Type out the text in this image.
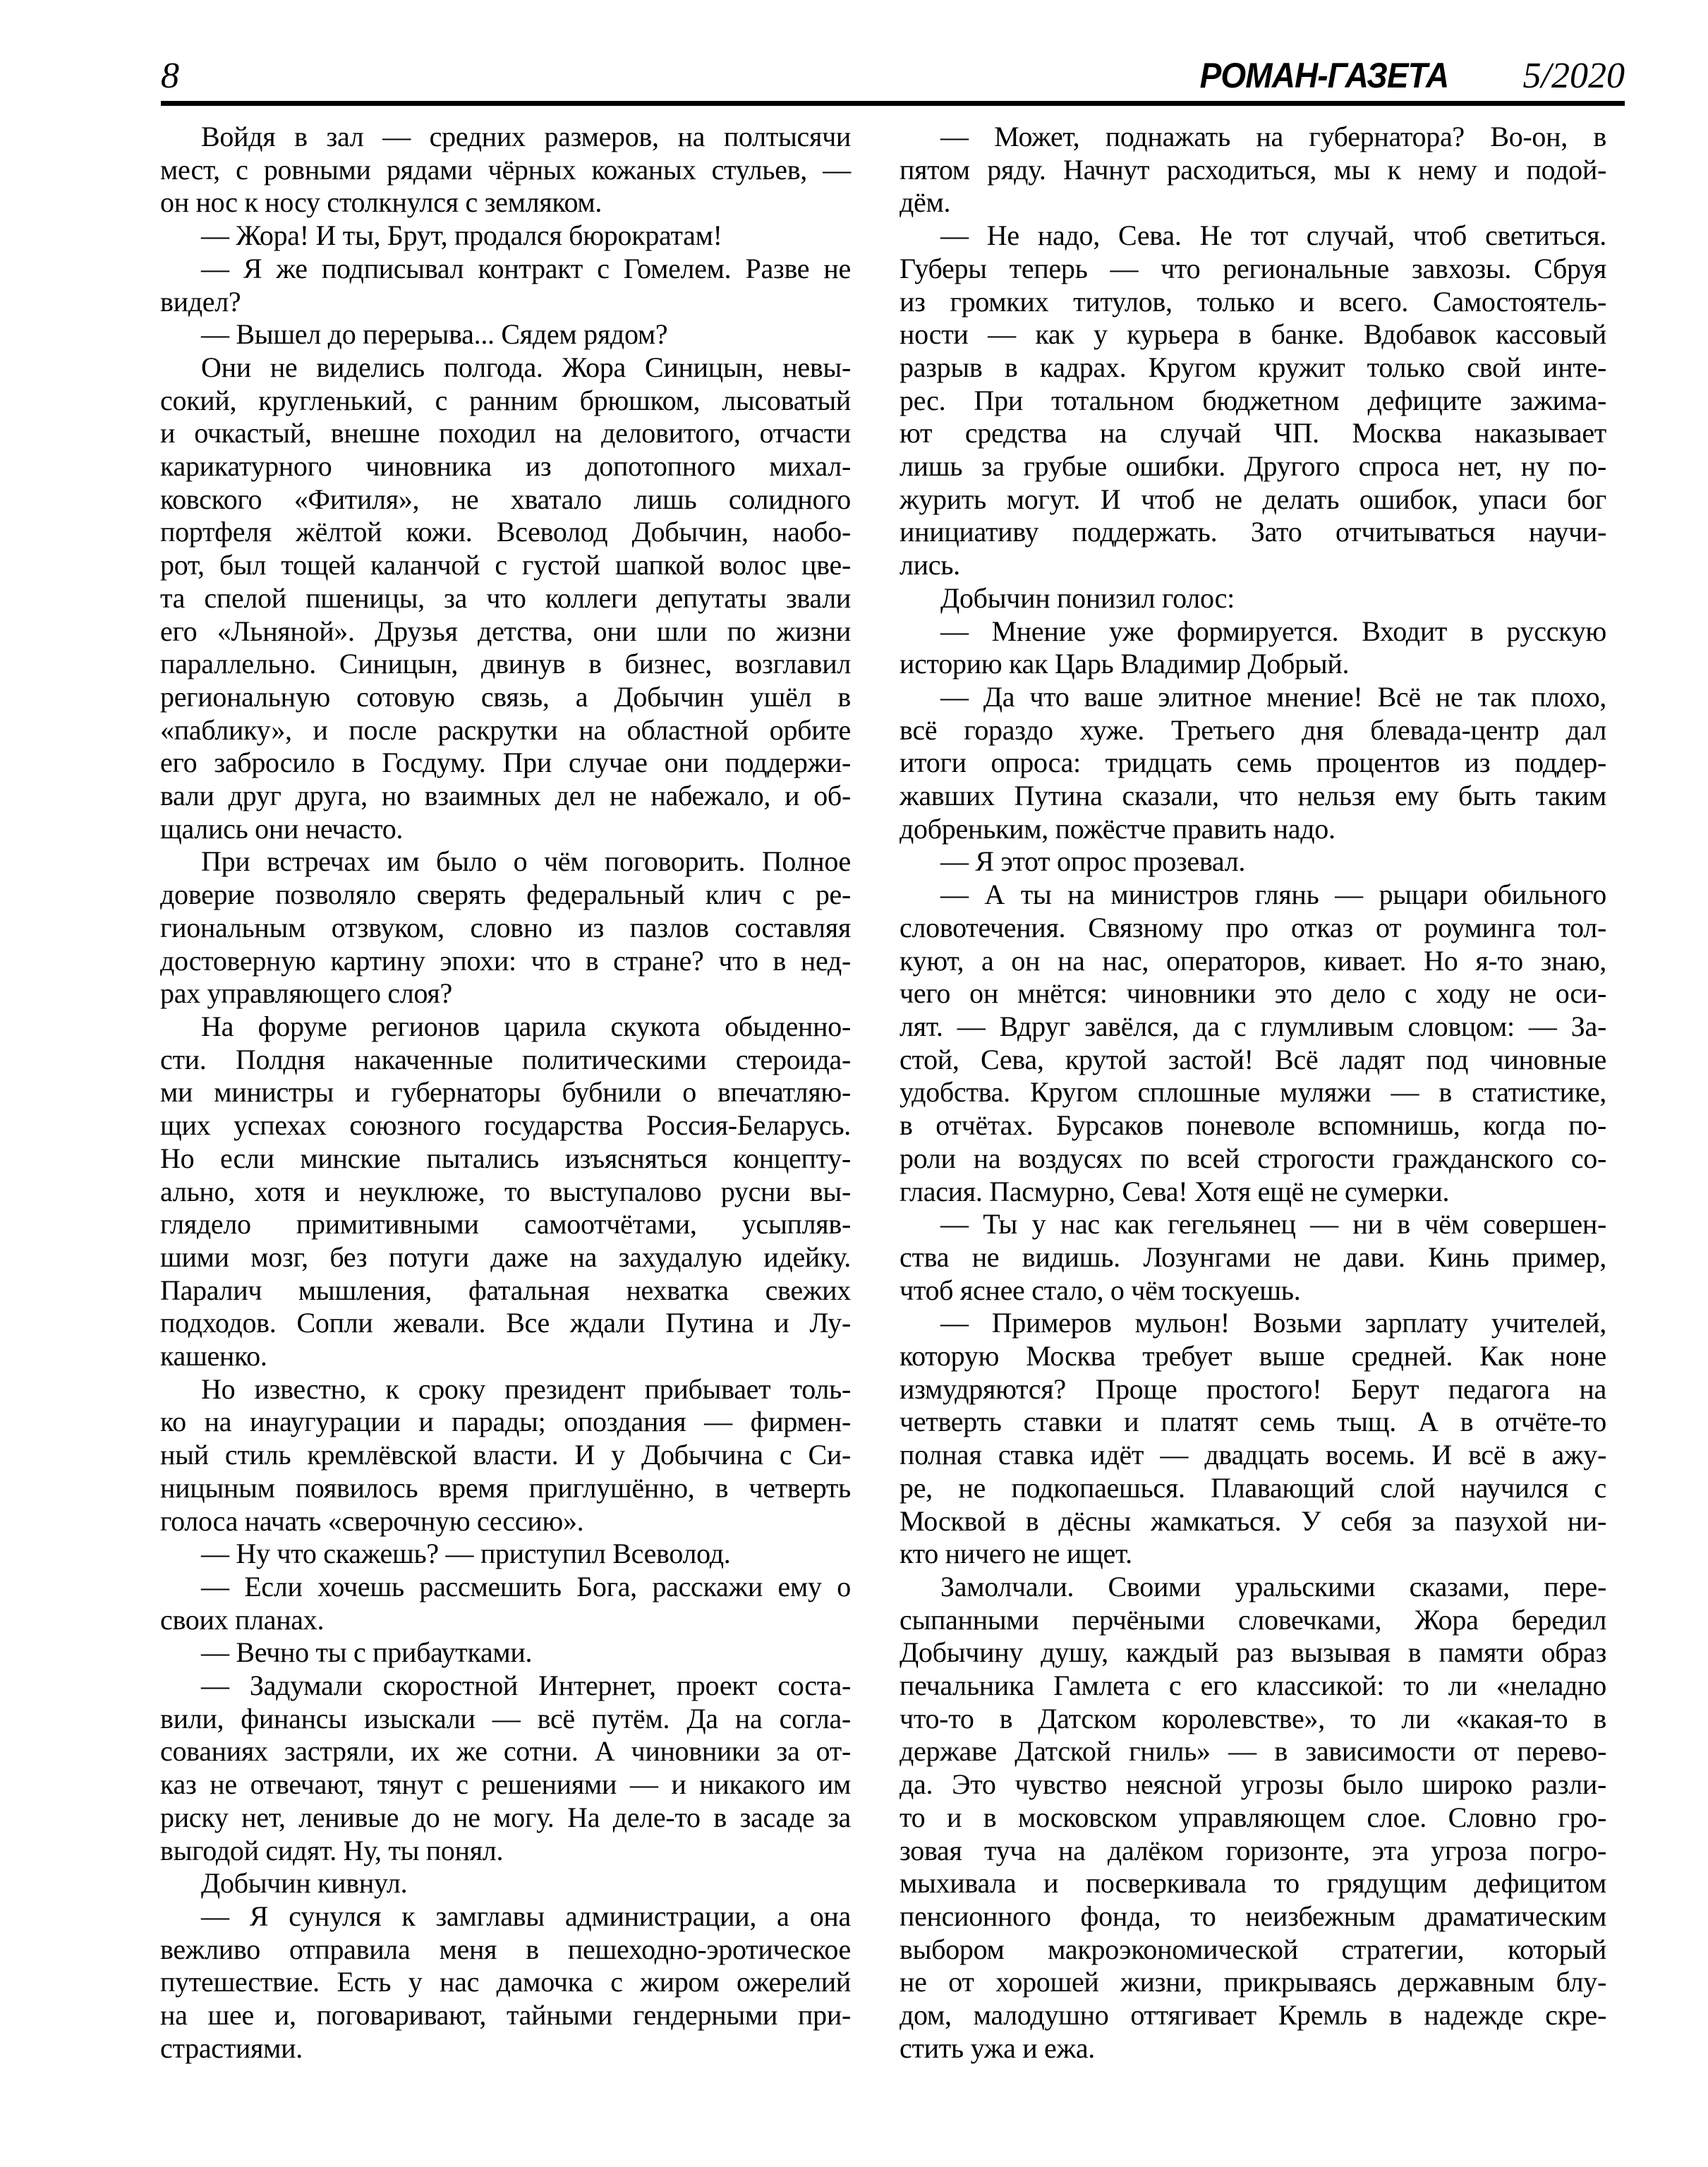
8	РОМАН-ГАЗЕТА 5/2020
Войдя в зал — средних размеров, на полтысячи
мест, с ровными рядами чёрных кожаных стульев, —
он нос к носу столкнулся с земляком.
— Жора! И ты, Брут, продался бюрократам!
— Я же подписывал контракт с Гомелем. Разве не
видел?
— Вышел до перерыва... Сядем рядом?
Они не виделись полгода. Жора Синицын, невы-
сокий, кругленький, с ранним брюшком, лысоватый
и очкастый, внешне походил на деловитого, отчасти
карикатурного чиновника из допотопного михал-
ковского «Фитиля», не хватало лишь солидного
портфеля жёлтой кожи. Всеволод Добычин, наобо-
рот, был тощей каланчой с густой шапкой волос цве-
та спелой пшеницы, за что коллеги депутаты звали
его «Льняной». Друзья детства, они шли по жизни
параллельно. Синицын, двинув в бизнес, возглавил
региональную сотовую связь, а Добычин ушёл в
«паблику», и после раскрутки на областной орбите
его забросило в Госдуму. При случае они поддержи-
вали друг друга, но взаимных дел не набежало, и об-
щались они нечасто.
При встречах им было о чём поговорить. Полное
доверие позволяло сверять федеральный клич с ре-
гиональным отзвуком, словно из пазлов составляя
достоверную картину эпохи: что в стране? что в нед-
рах управляющего слоя?
На форуме регионов царила скукота обыденно-
сти. Полдня накаченные политическими стероида-
ми министры и губернаторы бубнили о впечатляю-
щих успехах союзного государства Россия-Беларусь.
Но если минские пытались изъясняться концепту-
ально, хотя и неуклюже, то выступалово русни вы-
глядело примитивными самоотчётами, усыпляв-
шими мозг, без потуги даже на захудалую идейку.
Паралич мышления, фатальная нехватка свежих
подходов. Сопли жевали. Все ждали Путина и Лу-
кашенко.
Но известно, к сроку президент прибывает толь-
ко на инаугурации и парады; опоздания — фирмен-
ный стиль кремлёвской власти. И у Добычина с Си-
ницыным появилось время приглушённо, в четверть
голоса начать «сверочную сессию».
— Ну что скажешь? — приступил Всеволод.
— Если хочешь рассмешить Бога, расскажи ему о
своих планах.
— Вечно ты с прибаутками.
— Задумали скоростной Интернет, проект соста-
вили, финансы изыскали — всё путём. Да на согла-
сованиях застряли, их же сотни. А чиновники за от-
каз не отвечают, тянут с решениями — и никакого им
риску нет, ленивые до не могу. На деле-то в засаде за
выгодой сидят. Ну, ты понял.
Добычин кивнул.
— Я сунулся к замглавы администрации, а она
вежливо отправила меня в пешеходно-эротическое
путешествие. Есть у нас дамочка с жиром ожерелий
на шее и, поговаривают, тайными гендерными при-
страстиями.
— Может, поднажать на губернатора? Во-он, в
пятом ряду. Начнут расходиться, мы к нему и подой-
дём.
— Не надо, Сева. Не тот случай, чтоб светиться.
Губеры теперь — что региональные завхозы. Сбруя
из громких титулов, только и всего. Самостоятель-
ности — как у курьера в банке. Вдобавок кассовый
разрыв в кадрах. Кругом кружит только свой инте-
рес. При тотальном бюджетном дефиците зажима-
ют средства на случай ЧП. Москва наказывает
лишь за грубые ошибки. Другого спроса нет, ну по-
журить могут. И чтоб не делать ошибок, упаси бог
инициативу поддержать. Зато отчитываться научи-
лись.
Добычин понизил голос:
— Мнение уже формируется. Входит в русскую
историю как Царь Владимир Добрый.
— Да что ваше элитное мнение! Всё не так плохо,
всё гораздо хуже. Третьего дня блевада-центр дал
итоги опроса: тридцать семь процентов из поддер-
жавших Путина сказали, что нельзя ему быть таким
добреньким, пожёстче править надо.
— Я этот опрос прозевал.
— А ты на министров глянь — рыцари обильного
словотечения. Связному про отказ от роуминга тол-
куют, а он на нас, операторов, кивает. Но я-то знаю,
чего он мнётся: чиновники это дело с ходу не оси-
лят. — Вдруг завёлся, да с глумливым словцом: — За-
стой, Сева, крутой застой! Всё ладят под чиновные
удобства. Кругом сплошные муляжи — в статистике,
в отчётах. Бурсаков поневоле вспомнишь, когда по-
роли на воздусях по всей строгости гражданского со-
гласия. Пасмурно, Сева! Хотя ещё не сумерки.
— Ты у нас как гегельянец — ни в чём совершен-
ства не видишь. Лозунгами не дави. Кинь пример,
чтоб яснее стало, о чём тоскуешь.
— Примеров мульон! Возьми зарплату учителей,
которую Москва требует выше средней. Как ноне
измудряются? Проще простого! Берут педагога на
четверть ставки и платят семь тыщ. А в отчёте-то
полная ставка идёт — двадцать восемь. И всё в ажу-
ре, не подкопаешься. Плавающий слой научился с
Москвой в дёсны жамкаться. У себя за пазухой ни-
кто ничего не ищет.
Замолчали. Своими уральскими сказами, пере-
сыпанными перчёными словечками, Жора бередил
Добычину душу, каждый раз вызывая в памяти образ
печальника Гамлета с его классикой: то ли «неладно
что-то в Датском королевстве», то ли «какая-то в
державе Датской гниль» — в зависимости от перево-
да. Это чувство неясной угрозы было широко разли-
то и в московском управляющем слое. Словно гро-
зовая туча на далёком горизонте, эта угроза погро-
мыхивала и посверкивала то грядущим дефицитом
пенсионного фонда, то неизбежным драматическим
выбором макроэкономической стратегии, который
не от хорошей жизни, прикрываясь державным блу-
дом, малодушно оттягивает Кремль в надежде скре-
стить ужа и ежа.
